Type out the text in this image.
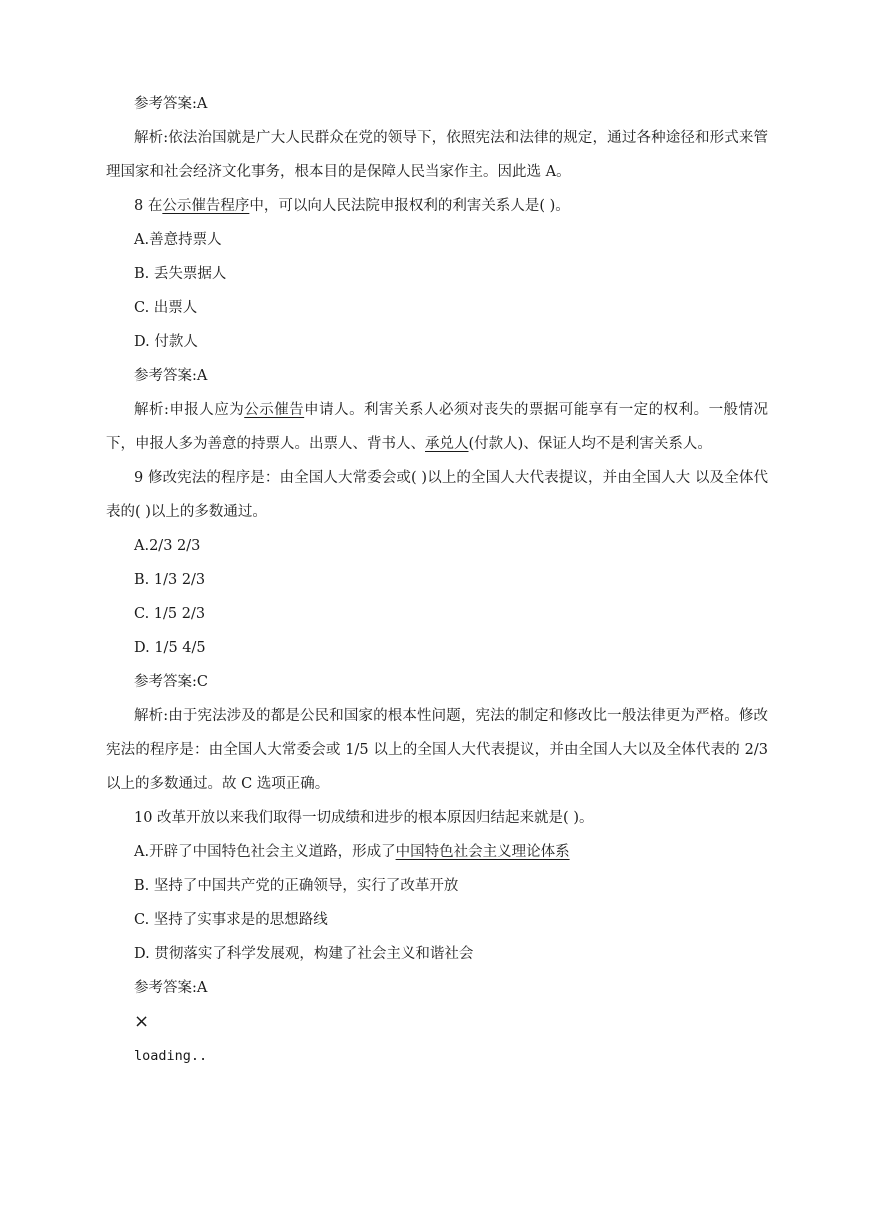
参考答案:A
解析:依法治国就是广大人民群众在党的领导下，依照宪法和法律的规定，通过各种途径和形式来管理国家和社会经济文化事务，根本目的是保障人民当家作主。因此选 A。
8 在公示催告程序中，可以向人民法院申报权利的利害关系人是( )。
A.善意持票人
B. 丢失票据人
C. 出票人
D. 付款人
参考答案:A
解析:申报人应为公示催告申请人。利害关系人必须对丧失的票据可能享有一定的权利。一般情况下，申报人多为善意的持票人。出票人、背书人、承兑人(付款人)、保证人均不是利害关系人。
9 修改宪法的程序是：由全国人大常委会或( )以上的全国人大代表提议，并由全国人大 以及全体代表的( )以上的多数通过。
A.2/3 2/3
B. 1/3 2/3
C. 1/5 2/3
D. 1/5 4/5
参考答案:C
解析:由于宪法涉及的都是公民和国家的根本性问题，宪法的制定和修改比一般法律更为严格。修改宪法的程序是：由全国人大常委会或 1/5 以上的全国人大代表提议，并由全国人大以及全体代表的 2/3 以上的多数通过。故 C 选项正确。
10 改革开放以来我们取得一切成绩和进步的根本原因归结起来就是( )。
A.开辟了中国特色社会主义道路，形成了中国特色社会主义理论体系
B. 坚持了中国共产党的正确领导，实行了改革开放
C. 坚持了实事求是的思想路线
D. 贯彻落实了科学发展观，构建了社会主义和谐社会
参考答案:A
×
loading..
